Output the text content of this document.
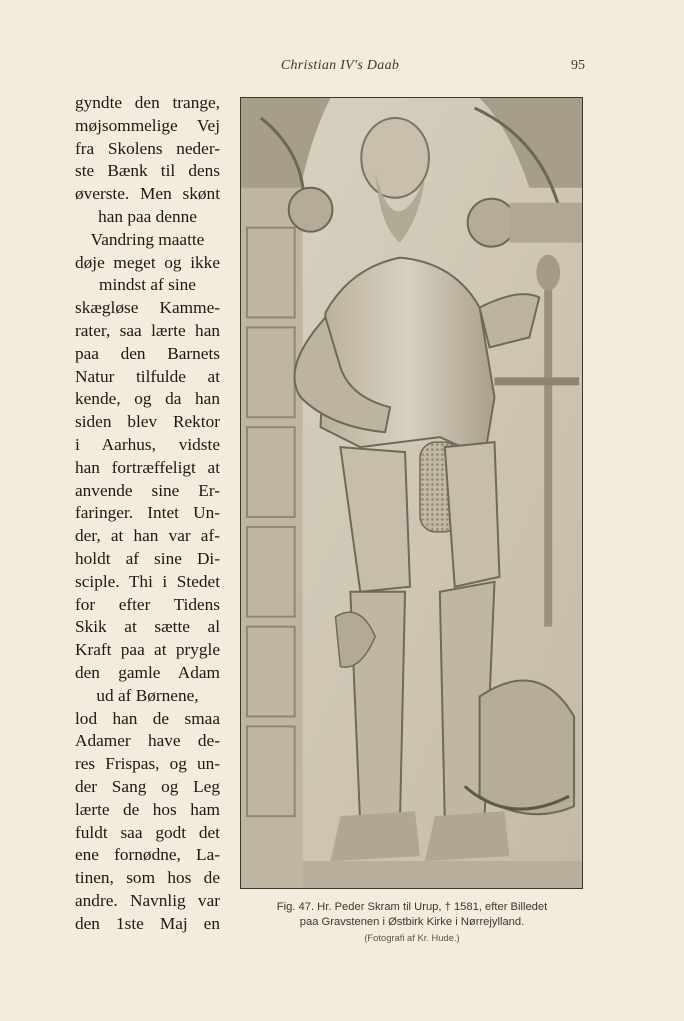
Christian IV's Daab	95
gyndte den trange,
møjsommelige Vej
fra Skolens neder-
ste Bænk til dens
øverste. Men skønt
han paa denne
Vandring maatte
døje meget og ikke
mindst af sine
skægløse Kamme-
rater, saa lærte han
paa den Barnets
Natur tilfulde at
kende, og da han
siden blev Rektor
i Aarhus, vidste
han fortræffeligt at
anvende sine Er-
faringer. Intet Un-
der, at han var af-
holdt af sine Di-
sciple. Thi i Stedet
for efter Tidens
Skik at sætte al
Kraft paa at prygle
den gamle Adam
ud af Børnene,
lod han de smaa
Adamer have de-
res Frispas, og un-
der Sang og Leg
lærte de hos ham
fuldt saa godt det
ene fornødne, La-
tinen, som hos de
andre. Navnlig var
den 1ste Maj en
Fig. 47. Hr. Peder Skram til Urup, † 1581, efter Billedet
paa Gravstenen i Østbirk Kirke i Nørrejylland.
(Fotografi af Kr. Hude.)
